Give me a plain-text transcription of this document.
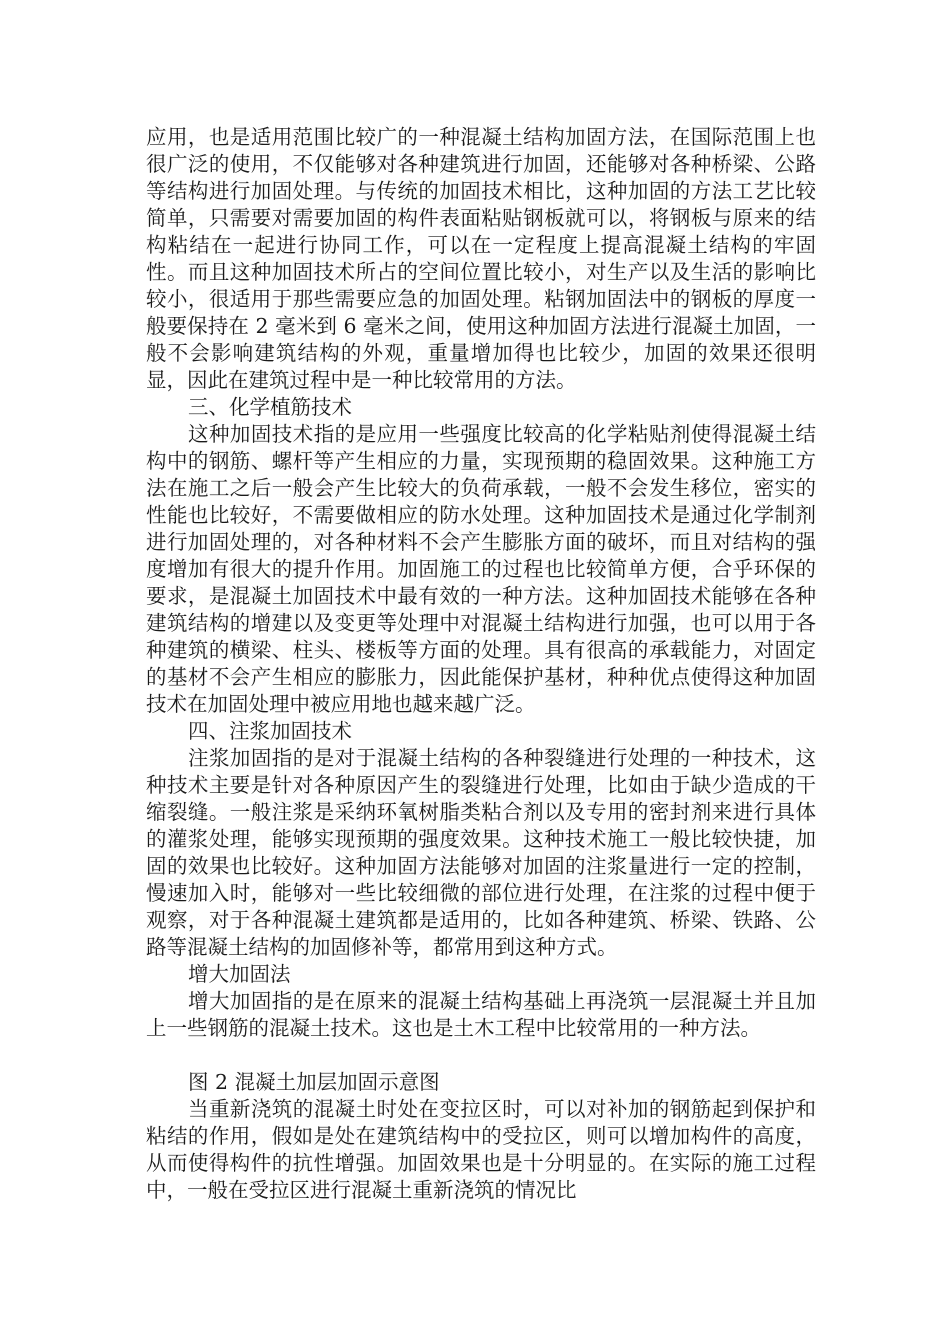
应用，也是适用范围比较广的一种混凝土结构加固方法，在国际范围上也很广泛的使用，不仅能够对各种建筑进行加固，还能够对各种桥梁、公路等结构进行加固处理。与传统的加固技术相比，这种加固的方法工艺比较简单，只需要对需要加固的构件表面粘贴钢板就可以，将钢板与原来的结构粘结在一起进行协同工作，可以在一定程度上提高混凝土结构的牢固性。而且这种加固技术所占的空间位置比较小，对生产以及生活的影响比较小，很适用于那些需要应急的加固处理。粘钢加固法中的钢板的厚度一般要保持在 2 毫米到 6 毫米之间，使用这种加固方法进行混凝土加固，一般不会影响建筑结构的外观，重量增加得也比较少，加固的效果还很明显，因此在建筑过程中是一种比较常用的方法。

三、化学植筋技术

这种加固技术指的是应用一些强度比较高的化学粘贴剂使得混凝土结构中的钢筋、螺杆等产生相应的力量，实现预期的稳固效果。这种施工方法在施工之后一般会产生比较大的负荷承载，一般不会发生移位，密实的性能也比较好，不需要做相应的防水处理。这种加固技术是通过化学制剂进行加固处理的，对各种材料不会产生膨胀方面的破坏，而且对结构的强度增加有很大的提升作用。加固施工的过程也比较简单方便，合乎环保的要求，是混凝土加固技术中最有效的一种方法。这种加固技术能够在各种建筑结构的增建以及变更等处理中对混凝土结构进行加强，也可以用于各种建筑的横梁、柱头、楼板等方面的处理。具有很高的承载能力，对固定的基材不会产生相应的膨胀力，因此能保护基材，种种优点使得这种加固技术在加固处理中被应用地也越来越广泛。

四、注浆加固技术

注浆加固指的是对于混凝土结构的各种裂缝进行处理的一种技术，这种技术主要是针对各种原因产生的裂缝进行处理，比如由于缺少造成的干缩裂缝。一般注浆是采纳环氧树脂类粘合剂以及专用的密封剂来进行具体的灌浆处理，能够实现预期的强度效果。这种技术施工一般比较快捷，加固的效果也比较好。这种加固方法能够对加固的注浆量进行一定的控制，慢速加入时，能够对一些比较细微的部位进行处理，在注浆的过程中便于观察，对于各种混凝土建筑都是适用的，比如各种建筑、桥梁、铁路、公路等混凝土结构的加固修补等，都常用到这种方式。

增大加固法

增大加固指的是在原来的混凝土结构基础上再浇筑一层混凝土并且加上一些钢筋的混凝土技术。这也是土木工程中比较常用的一种方法。

图 2 混凝土加层加固示意图

当重新浇筑的混凝土时处在变拉区时，可以对补加的钢筋起到保护和粘结的作用，假如是处在建筑结构中的受拉区，则可以增加构件的高度，从而使得构件的抗性增强。加固效果也是十分明显的。在实际的施工过程中，一般在受拉区进行混凝土重新浇筑的情况比
